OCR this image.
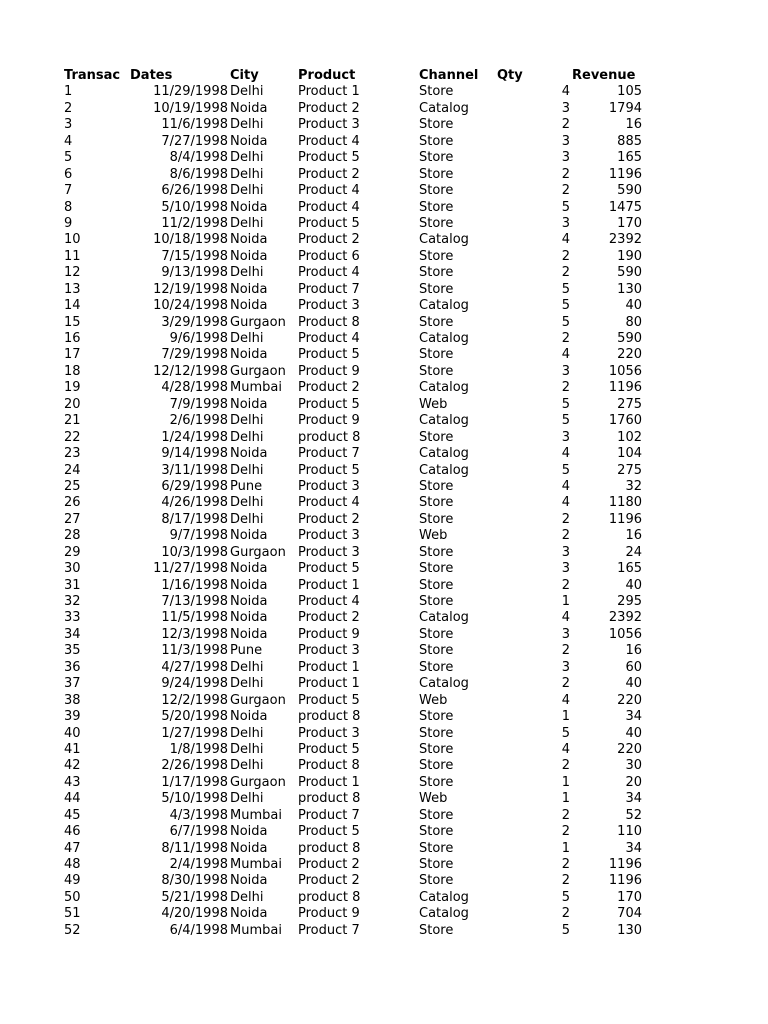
Transac Dates	City	Product	Channel Qty	Revenue
1	11/29/1998 Delhi	Product 1	Store	4	105
2	10/19/1998 Noida Product 2	Catalog	3	1794
3	11/6/1998 Delhi	Product 3	Store	2	16
4	7/27/1998 Noida Product 4	Store	3	885
5	8/4/1998 Delhi	Product 5	Store	3	165
6	8/6/1998 Delhi	Product 2	Store	2	1196
7	6/26/1998 Delhi	Product 4	Store	2	590
8	5/10/1998 Noida Product 4	Store	5	1475
9	11/2/1998 Delhi	Product 5	Store	3	170
10	10/18/1998 Noida Product 2	Catalog	4	2392
11	7/15/1998 Noida Product 6	Store	2	190
12	9/13/1998 Delhi	Product 4	Store	2	590
13	12/19/1998 Noida Product 7	Store	5	130
14	10/24/1998 Noida Product 3	Catalog	5	40
15	3/29/1998 Gurgaon Product 8	Store	5	80
16	9/6/1998 Delhi	Product 4	Catalog	2	590
17	7/29/1998 Noida Product 5	Store	4	220
18	12/12/1998 Gurgaon Product 9	Store	3	1056
19	4/28/1998 Mumbai Product 2	Catalog	2	1196
20	7/9/1998 Noida Product 5	Web	5	275
21	2/6/1998 Delhi	Product 9	Catalog	5	1760
22	1/24/1998 Delhi	product 8	Store	3	102
23	9/14/1998 Noida Product 7	Catalog	4	104
24	3/11/1998 Delhi	Product 5	Catalog	5	275
25	6/29/1998 Pune	Product 3	Store	4	32
26	4/26/1998 Delhi	Product 4	Store	4	1180
27	8/17/1998 Delhi	Product 2	Store	2	1196
28	9/7/1998 Noida Product 3	Web	2	16
29	10/3/1998 Gurgaon Product 3	Store	3	24
30	11/27/1998 Noida Product 5	Store	3	165
31	1/16/1998 Noida Product 1	Store	2	40
32	7/13/1998 Noida Product 4	Store	1	295
33	11/5/1998 Noida Product 2	Catalog	4	2392
34	12/3/1998 Noida Product 9	Store	3	1056
35	11/3/1998 Pune	Product 3	Store	2	16
36	4/27/1998 Delhi	Product 1	Store	3	60
37	9/24/1998 Delhi	Product 1	Catalog	2	40
38	12/2/1998 Gurgaon Product 5	Web	4	220
39	5/20/1998 Noida product 8	Store	1	34
40	1/27/1998 Delhi	Product 3	Store	5	40
41	1/8/1998 Delhi	Product 5	Store	4	220
42	2/26/1998 Delhi	Product 8	Store	2	30
43	1/17/1998 Gurgaon Product 1	Store	1	20
44	5/10/1998 Delhi	product 8	Web	1	34
45	4/3/1998 Mumbai Product 7	Store	2	52
46	6/7/1998 Noida Product 5	Store	2	110
47	8/11/1998 Noida product 8	Store	1	34
48	2/4/1998 Mumbai Product 2	Store	2	1196
49	8/30/1998 Noida Product 2	Store	2	1196
50	5/21/1998 Delhi	product 8	Catalog	5	170
51	4/20/1998 Noida Product 9	Catalog	2	704
52	6/4/1998 Mumbai Product 7	Store	5	130
